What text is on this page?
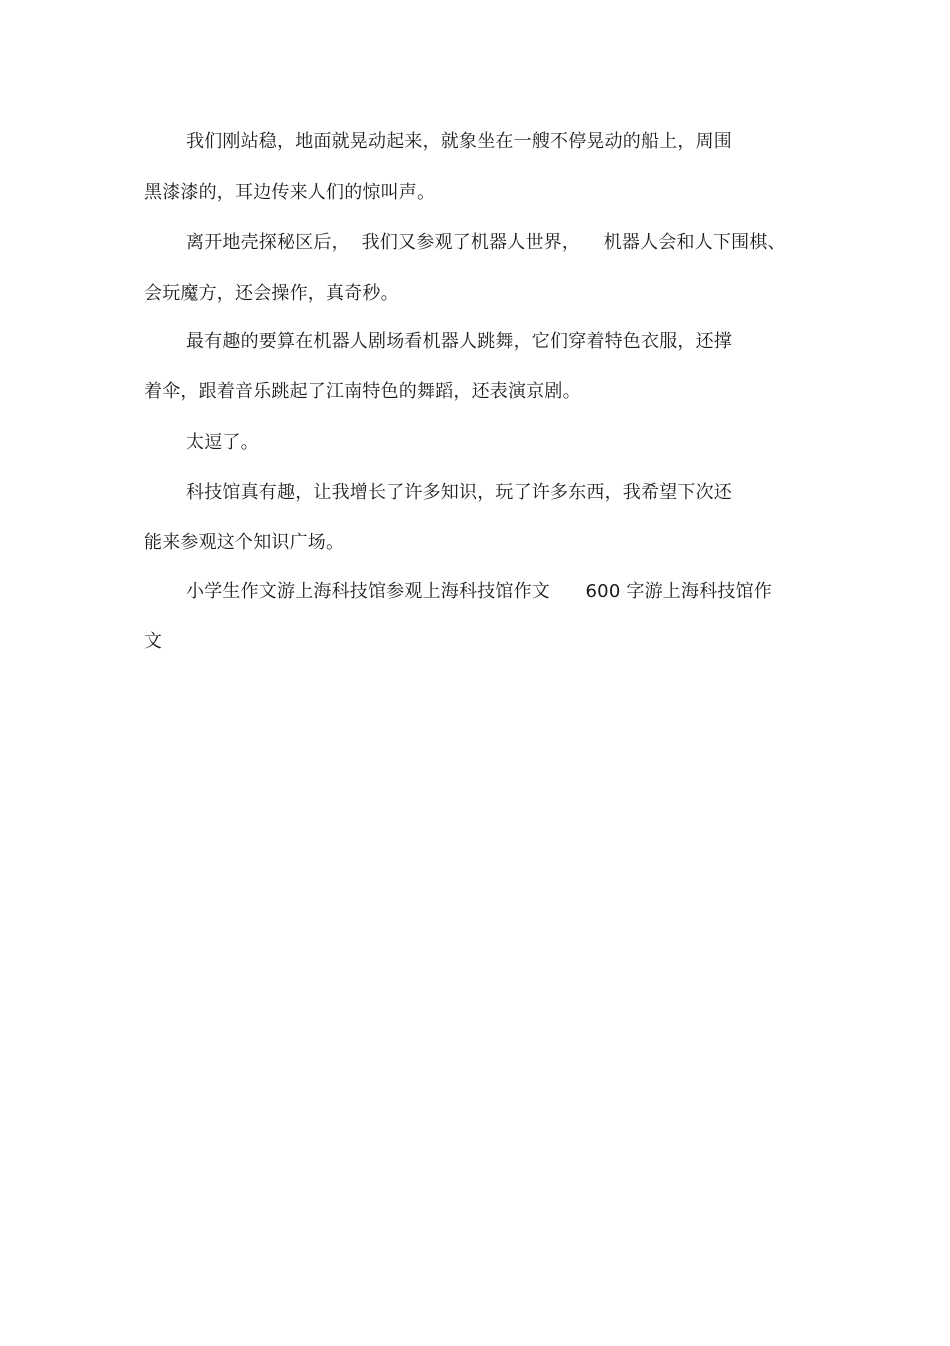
我们刚站稳，地面就晃动起来，就象坐在一艘不停晃动的船上，周围
黑漆漆的，耳边传来人们的惊叫声。
离开地壳探秘区后，  我们又参观了机器人世界，    机器人会和人下围棋、
会玩魔方，还会操作，真奇秒。
最有趣的要算在机器人剧场看机器人跳舞，它们穿着特色衣服，还撑
着伞，跟着音乐跳起了江南特色的舞蹈，还表演京剧。
太逗了。
科技馆真有趣，让我增长了许多知识，玩了许多东西，我希望下次还
能来参观这个知识广场。
小学生作文游上海科技馆参观上海科技馆作文      600 字游上海科技馆作
文
